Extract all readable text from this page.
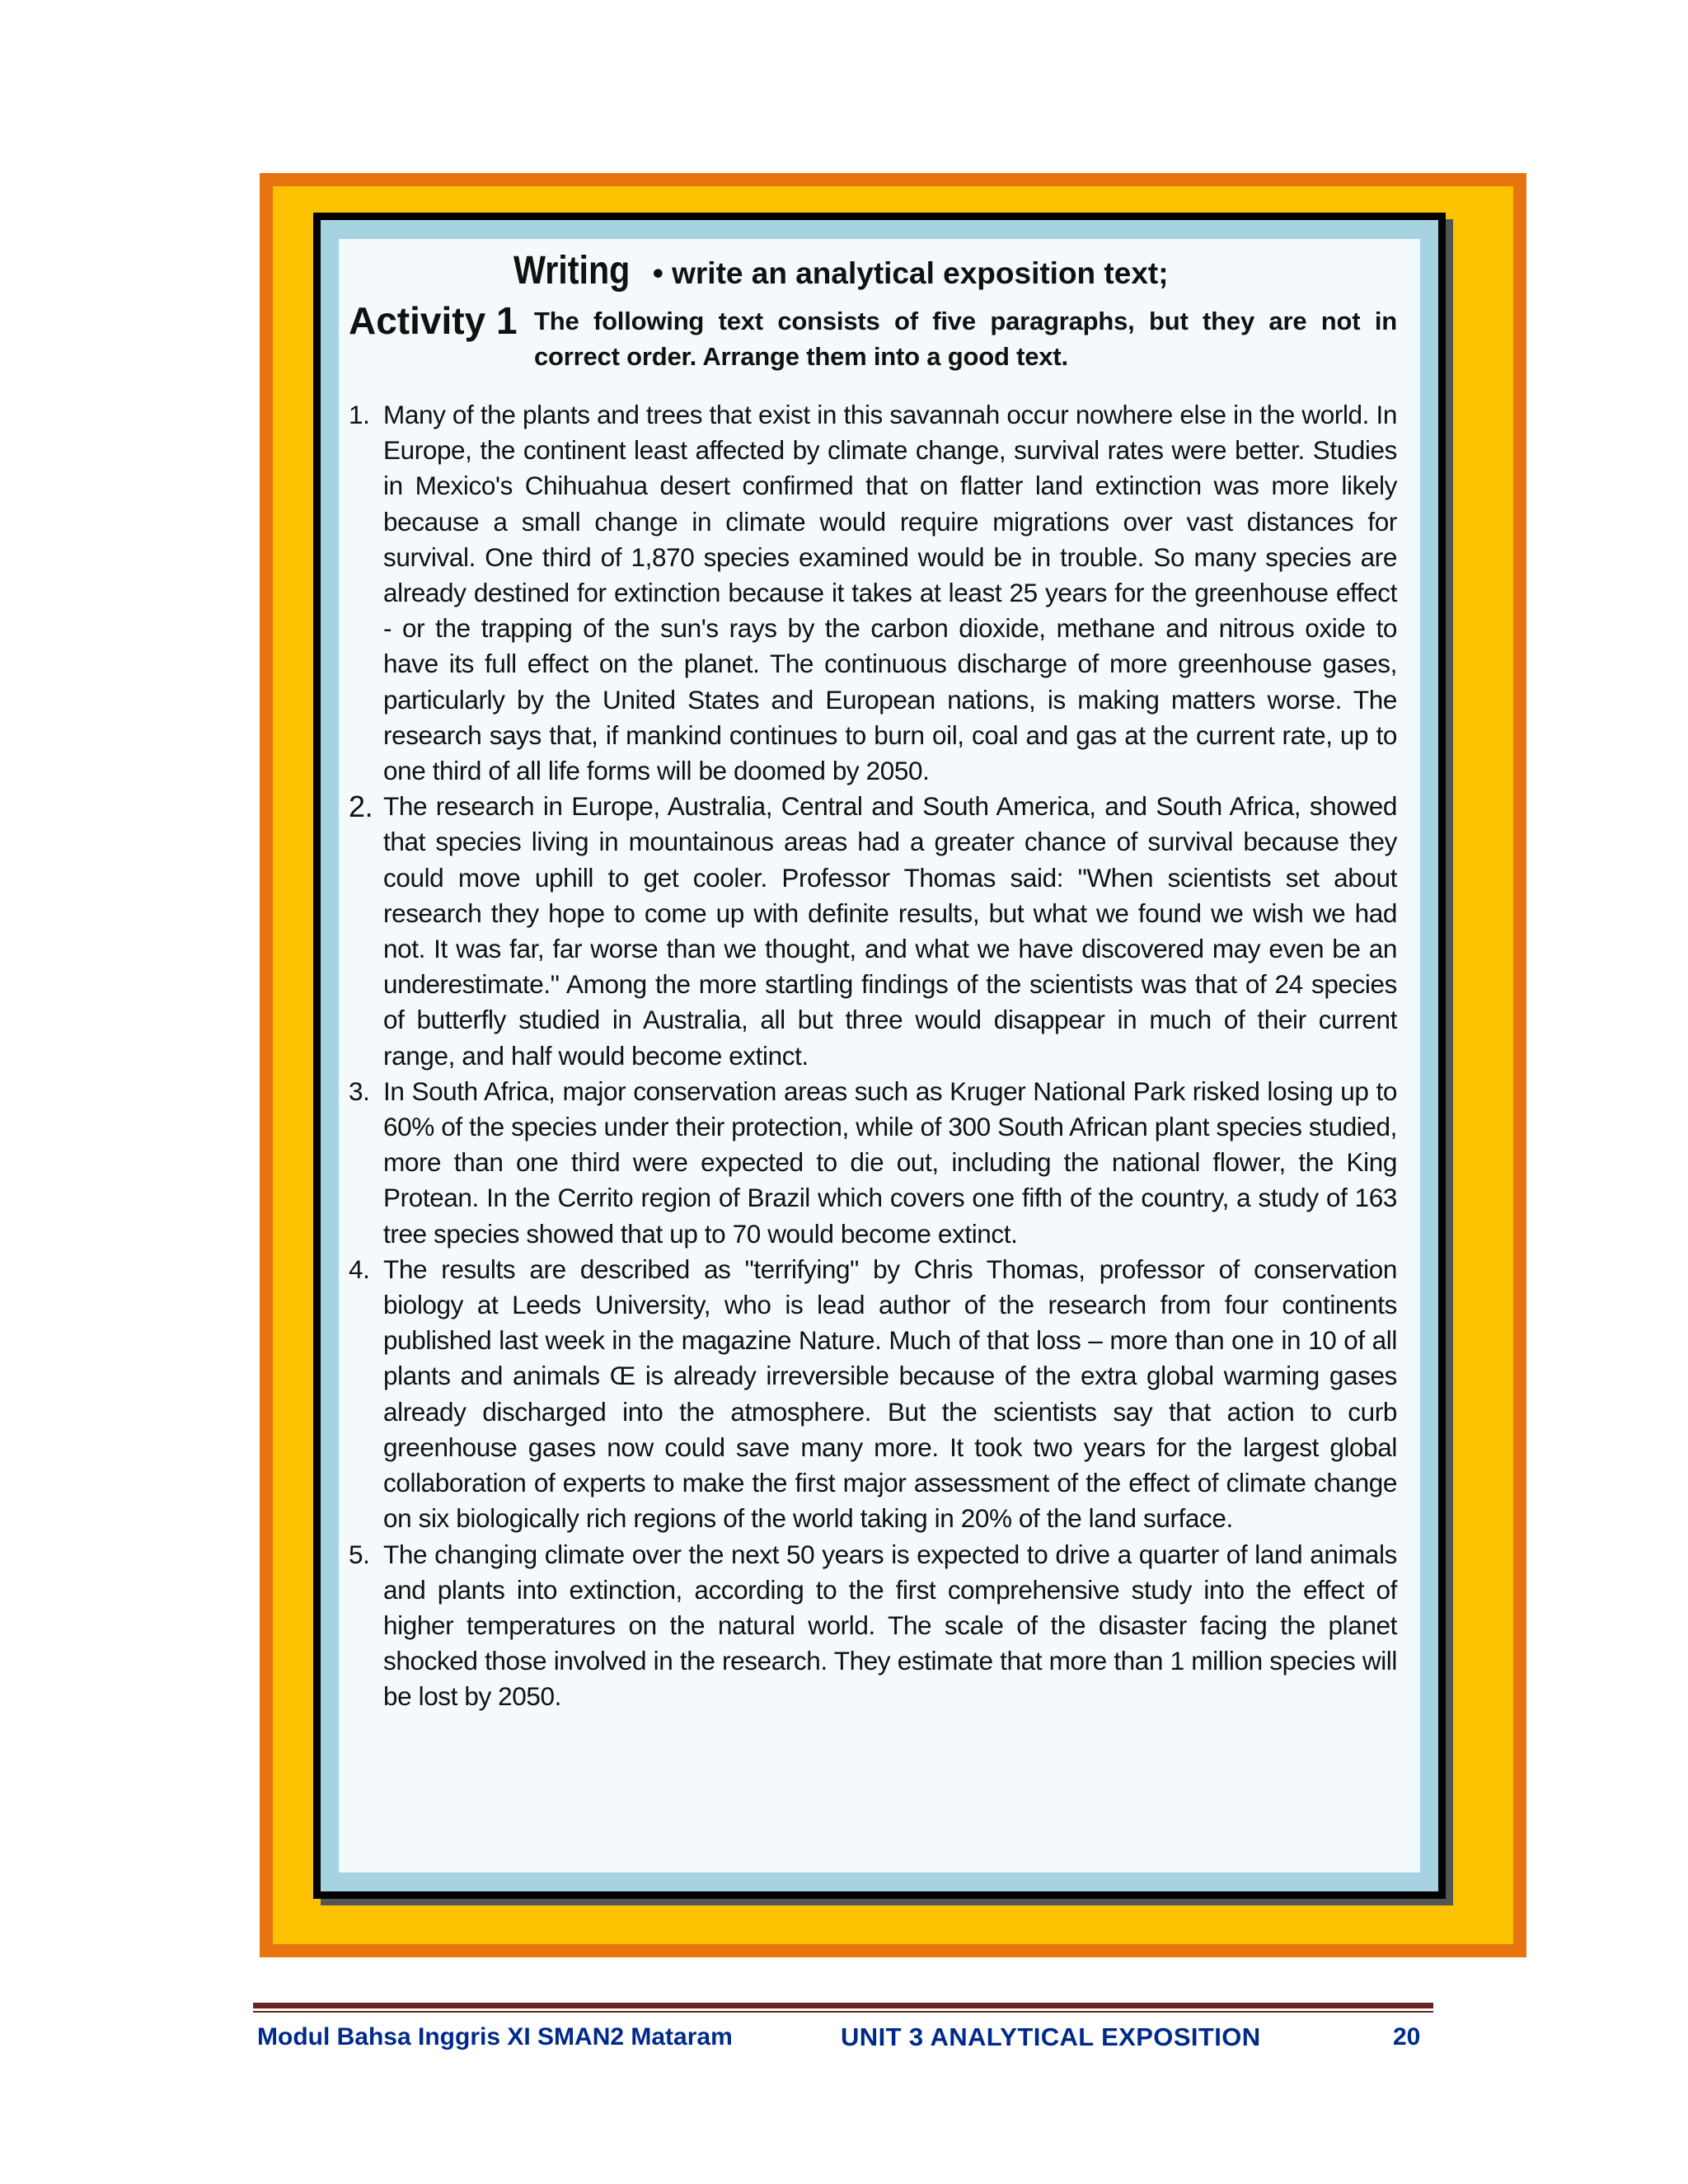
Writing • write an analytical exposition text;
Activity 1 The following text consists of five paragraphs, but they are not in correct order. Arrange them into a good text.
1. Many of the plants and trees that exist in this savannah occur nowhere else in the world. In Europe, the continent least affected by climate change, survival rates were better. Studies in Mexico's Chihuahua desert confirmed that on flatter land extinction was more likely because a small change in climate would require migrations over vast distances for survival. One third of 1,870 species examined would be in trouble. So many species are already destined for extinction because it takes at least 25 years for the greenhouse effect - or the trapping of the sun's rays by the carbon dioxide, methane and nitrous oxide to have its full effect on the planet. The continuous discharge of more greenhouse gases, particularly by the United States and European nations, is making matters worse. The research says that, if mankind continues to burn oil, coal and gas at the current rate, up to one third of all life forms will be doomed by 2050.
2. The research in Europe, Australia, Central and South America, and South Africa, showed that species living in mountainous areas had a greater chance of survival because they could move uphill to get cooler. Professor Thomas said: "When scientists set about research they hope to come up with definite results, but what we found we wish we had not. It was far, far worse than we thought, and what we have discovered may even be an underestimate." Among the more startling findings of the scientists was that of 24 species of butterfly studied in Australia, all but three would disappear in much of their current range, and half would become extinct.
3. In South Africa, major conservation areas such as Kruger National Park risked losing up to 60% of the species under their protection, while of 300 South African plant species studied, more than one third were expected to die out, including the national flower, the King Protean. In the Cerrito region of Brazil which covers one fifth of the country, a study of 163 tree species showed that up to 70 would become extinct.
4. The results are described as "terrifying" by Chris Thomas, professor of conservation biology at Leeds University, who is lead author of the research from four continents published last week in the magazine Nature. Much of that loss – more than one in 10 of all plants and animals Œ is already irreversible because of the extra global warming gases already discharged into the atmosphere. But the scientists say that action to curb greenhouse gases now could save many more. It took two years for the largest global collaboration of experts to make the first major assessment of the effect of climate change on six biologically rich regions of the world taking in 20% of the land surface.
5. The changing climate over the next 50 years is expected to drive a quarter of land animals and plants into extinction, according to the first comprehensive study into the effect of higher temperatures on the natural world. The scale of the disaster facing the planet shocked those involved in the research. They estimate that more than 1 million species will be lost by 2050.
Modul Bahsa Inggris XI SMAN2 Mataram	UNIT 3 ANALYTICAL EXPOSITION	20
